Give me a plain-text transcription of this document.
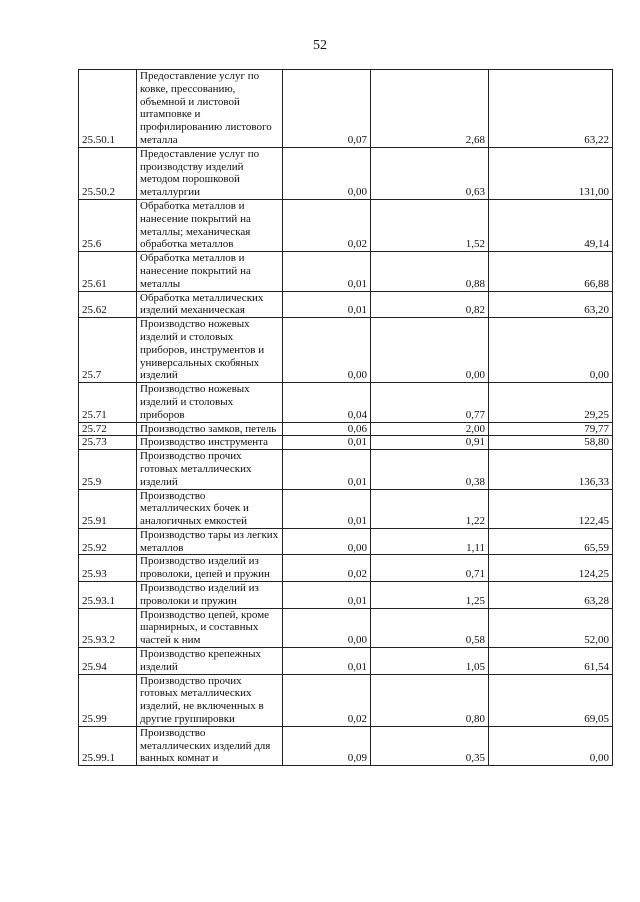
52
25.50.1	Предоставление услуг по ковке, прессованию, объемной и листовой штамповке и профилированию листового металла	0,07	2,68	63,22
25.50.2	Предоставление услуг по производству изделий методом порошковой металлургии	0,00	0,63	131,00
25.6	Обработка металлов и нанесение покрытий на металлы; механическая обработка металлов	0,02	1,52	49,14
25.61	Обработка металлов и нанесение покрытий на металлы	0,01	0,88	66,88
25.62	Обработка металлических изделий механическая	0,01	0,82	63,20
25.7	Производство ножевых изделий и столовых приборов, инструментов и универсальных скобяных изделий	0,00	0,00	0,00
25.71	Производство ножевых изделий и столовых приборов	0,04	0,77	29,25
25.72	Производство замков, петель	0,06	2,00	79,77
25.73	Производство инструмента	0,01	0,91	58,80
25.9	Производство прочих готовых металлических изделий	0,01	0,38	136,33
25.91	Производство металлических бочек и аналогичных емкостей	0,01	1,22	122,45
25.92	Производство тары из легких металлов	0,00	1,11	65,59
25.93	Производство изделий из проволоки, цепей и пружин	0,02	0,71	124,25
25.93.1	Производство изделий из проволоки и пружин	0,01	1,25	63,28
25.93.2	Производство цепей, кроме шарнирных, и составных частей к ним	0,00	0,58	52,00
25.94	Производство крепежных изделий	0,01	1,05	61,54
25.99	Производство прочих готовых металлических изделий, не включенных в другие группировки	0,02	0,80	69,05
25.99.1	Производство металлических изделий для ванных комнат и	0,09	0,35	0,00
